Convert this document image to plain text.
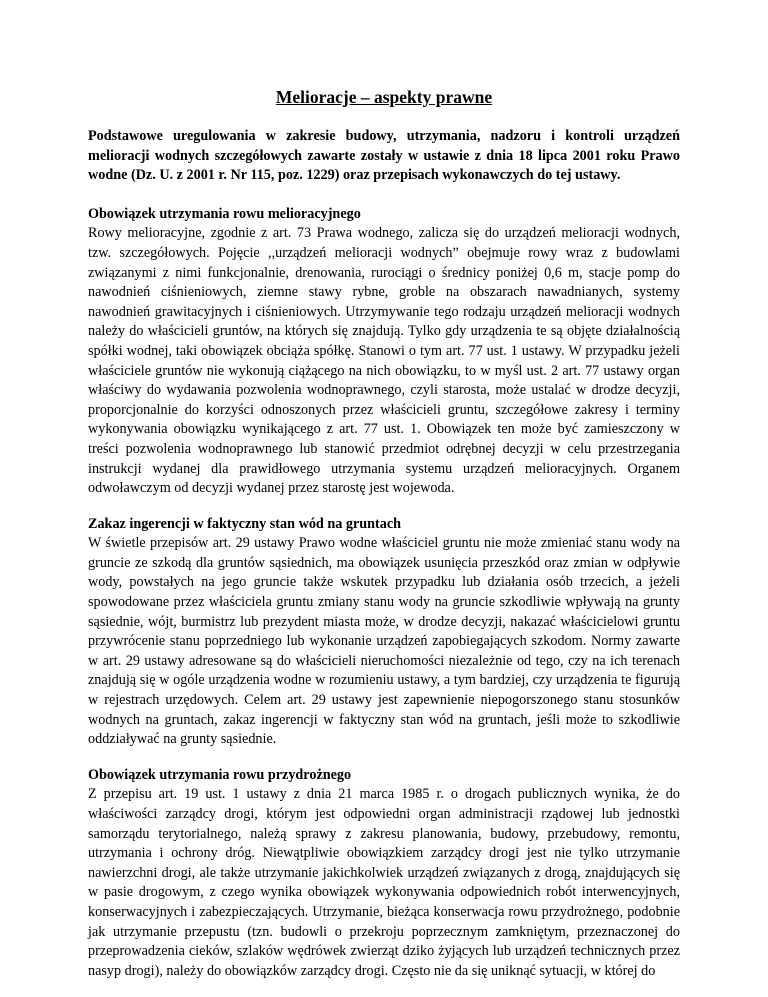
Melioracje – aspekty prawne

Podstawowe uregulowania w zakresie budowy, utrzymania, nadzoru i kontroli urządzeń melioracji wodnych szczegółowych zawarte zostały w ustawie z dnia 18 lipca 2001 roku Prawo wodne (Dz. U. z 2001 r. Nr 115, poz. 1229) oraz przepisach wykonawczych do tej ustawy.

Obowiązek utrzymania rowu melioracyjnego

Rowy melioracyjne, zgodnie z art. 73 Prawa wodnego, zalicza się do urządzeń melioracji wodnych, tzw. szczegółowych. Pojęcie ,,urządzeń melioracji wodnych” obejmuje rowy wraz z budowlami związanymi z nimi funkcjonalnie, drenowania, rurociągi o średnicy poniżej 0,6 m, stacje pomp do nawodnień ciśnieniowych, ziemne stawy rybne, groble na obszarach nawadnianych, systemy nawodnień grawitacyjnych i ciśnieniowych. Utrzymywanie tego rodzaju urządzeń melioracji wodnych należy do właścicieli gruntów, na których się znajdują. Tylko gdy urządzenia te są objęte działalnością spółki wodnej, taki obowiązek obciąża spółkę. Stanowi o tym art. 77 ust. 1 ustawy. W przypadku jeżeli właściciele gruntów nie wykonują ciążącego na nich obowiązku, to w myśl ust. 2 art. 77 ustawy organ właściwy do wydawania pozwolenia wodnoprawnego, czyli starosta, może ustalać w drodze decyzji, proporcjonalnie do korzyści odnoszonych przez właścicieli gruntu, szczegółowe zakresy i terminy wykonywania obowiązku wynikającego z art. 77 ust. 1. Obowiązek ten może być zamieszczony w treści pozwolenia wodnoprawnego lub stanowić przedmiot odrębnej decyzji w celu przestrzegania instrukcji wydanej dla prawidłowego utrzymania systemu urządzeń melioracyjnych. Organem odwoławczym od decyzji wydanej przez starostę jest wojewoda.

Zakaz ingerencji w faktyczny stan wód na gruntach

W świetle przepisów art. 29 ustawy Prawo wodne właściciel gruntu nie może zmieniać stanu wody na gruncie ze szkodą dla gruntów sąsiednich, ma obowiązek usunięcia przeszkód oraz zmian w odpływie wody, powstałych na jego gruncie także wskutek przypadku lub działania osób trzecich, a jeżeli spowodowane przez właściciela gruntu zmiany stanu wody na gruncie szkodliwie wpływają na grunty sąsiednie, wójt, burmistrz lub prezydent miasta może, w drodze decyzji, nakazać właścicielowi gruntu przywrócenie stanu poprzedniego lub wykonanie urządzeń zapobiegających szkodom. Normy zawarte w art. 29 ustawy adresowane są do właścicieli nieruchomości niezależnie od tego, czy na ich terenach znajdują się w ogóle urządzenia wodne w rozumieniu ustawy, a tym bardziej, czy urządzenia te figurują w rejestrach urzędowych. Celem art. 29 ustawy jest zapewnienie niepogorszonego stanu stosunków wodnych na gruntach, zakaz ingerencji w faktyczny stan wód na gruntach, jeśli może to szkodliwie oddziaływać na grunty sąsiednie.

Obowiązek utrzymania rowu przydrożnego

Z przepisu art. 19 ust. 1 ustawy z dnia 21 marca 1985 r. o drogach publicznych wynika, że do właściwości zarządcy drogi, którym jest odpowiedni organ administracji rządowej lub jednostki samorządu terytorialnego, należą sprawy z zakresu planowania, budowy, przebudowy, remontu, utrzymania i ochrony dróg. Niewątpliwie obowiązkiem zarządcy drogi jest nie tylko utrzymanie nawierzchni drogi, ale także utrzymanie jakichkolwiek urządzeń związanych z drogą, znajdujących się w pasie drogowym, z czego wynika obowiązek wykonywania odpowiednich robót interwencyjnych, konserwacyjnych i zabezpieczających. Utrzymanie, bieżąca konserwacja rowu przydrożnego, podobnie jak utrzymanie przepustu (tzn. budowli o przekroju poprzecznym zamkniętym, przeznaczonej do przeprowadzenia cieków, szlaków wędrówek zwierząt dziko żyjących lub urządzeń technicznych przez nasyp drogi), należy do obowiązków zarządcy drogi. Często nie da się uniknąć sytuacji, w której do
